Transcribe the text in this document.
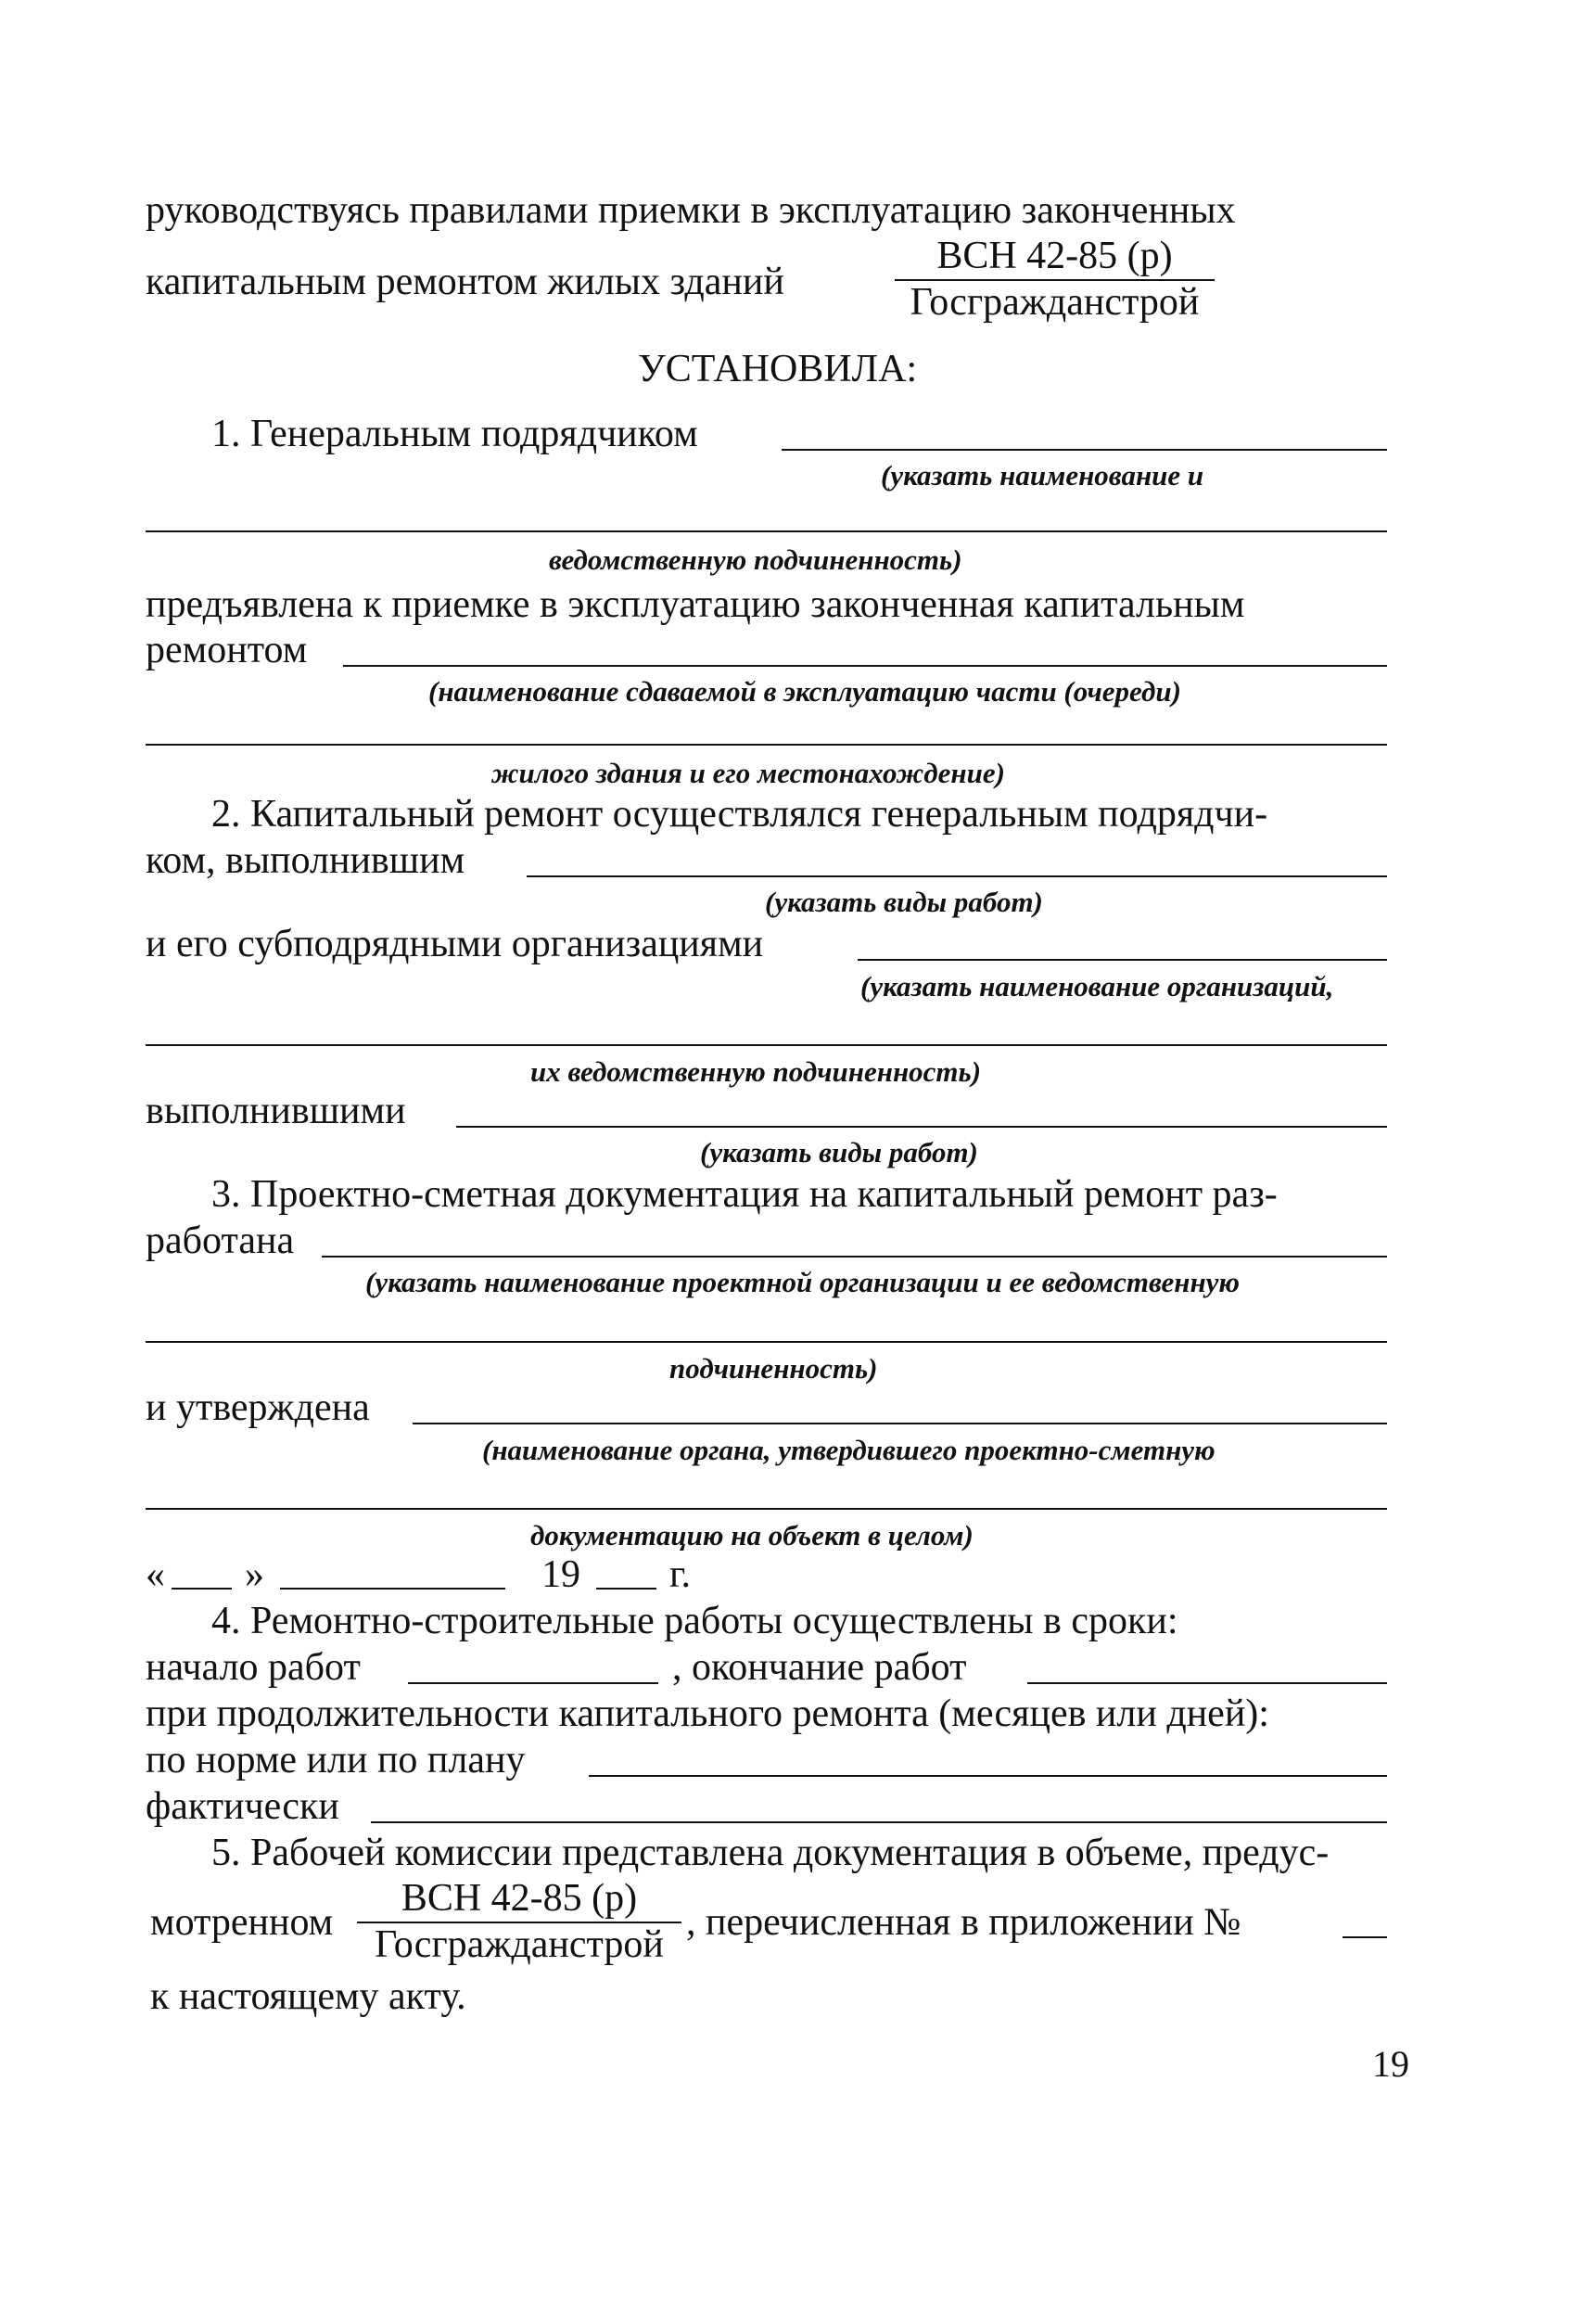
руководствуясь правилами приемки в эксплуатацию законченных
капитальным ремонтом жилых зданий
ВСН 42-85 (р)
Госгражданстрой
УСТАНОВИЛА:
1. Генеральным подрядчиком
(указать наименование и
ведомственную подчиненность)
предъявлена к приемке в эксплуатацию законченная капитальным
ремонтом
(наименование сдаваемой в эксплуатацию части (очереди)
жилого здания и его местонахождение)
2. Капитальный ремонт осуществлялся генеральным подрядчи-
ком, выполнившим
(указать виды работ)
и его субподрядными организациями
(указать наименование организаций,
их ведомственную подчиненность)
выполнившими
(указать виды работ)
3. Проектно-сметная документация на капитальный ремонт раз-
работана
(указать наименование проектной организации и ее ведомственную
подчиненность)
и утверждена
(наименование органа, утвердившего проектно-сметную
документацию на объект в целом)
« »	19 г.
4. Ремонтно-строительные работы осуществлены в сроки:
начало работ	, окончание работ
при продолжительности капитального ремонта (месяцев или дней):
по норме или по плану
фактически
5. Рабочей комиссии представлена документация в объеме, предус-
мотренном
ВСН 42-85 (р)
Госгражданстрой
, перечисленная в приложении №
к настоящему акту.
19
